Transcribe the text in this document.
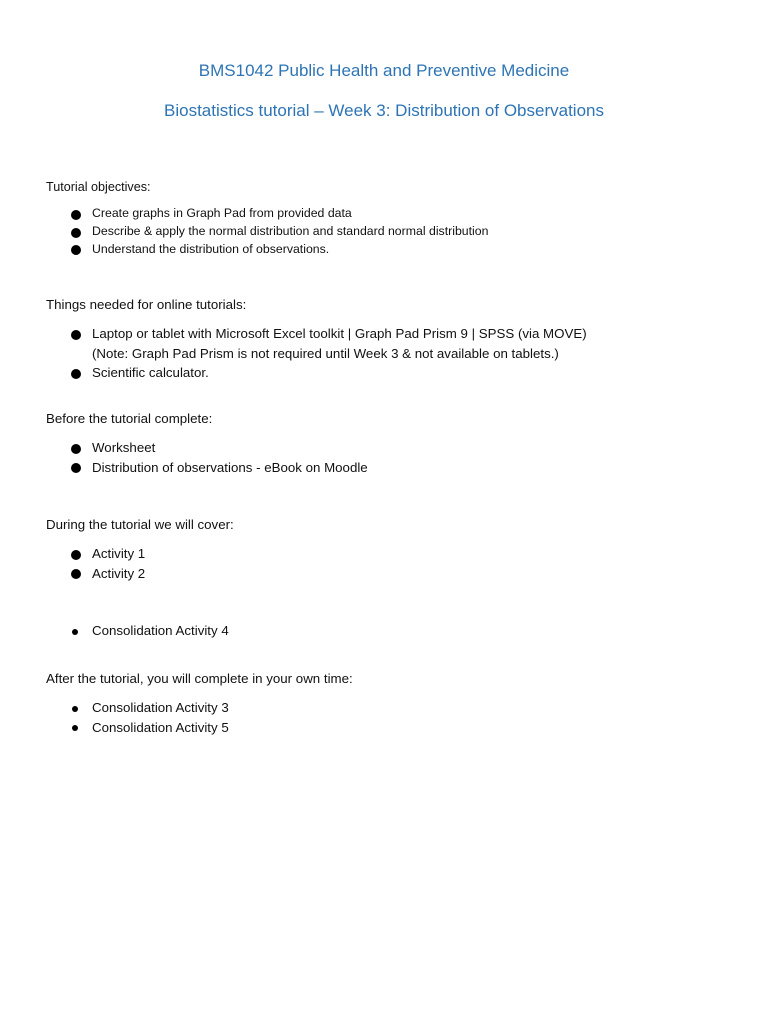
BMS1042 Public Health and Preventive Medicine
Biostatistics tutorial – Week 3: Distribution of Observations

Tutorial objectives:

Create graphs in Graph Pad from provided data
Describe & apply the normal distribution and standard normal distribution
Understand the distribution of observations.

Things needed for online tutorials:

Laptop or tablet with Microsoft Excel toolkit | Graph Pad Prism 9 | SPSS (via MOVE)
(Note: Graph Pad Prism is not required until Week 3 & not available on tablets.)
Scientific calculator.

Before the tutorial complete:

Worksheet
Distribution of observations - eBook on Moodle

During the tutorial we will cover:

Activity 1
Activity 2
Consolidation Activity 4

After the tutorial, you will complete in your own time:

Consolidation Activity 3
Consolidation Activity 5
